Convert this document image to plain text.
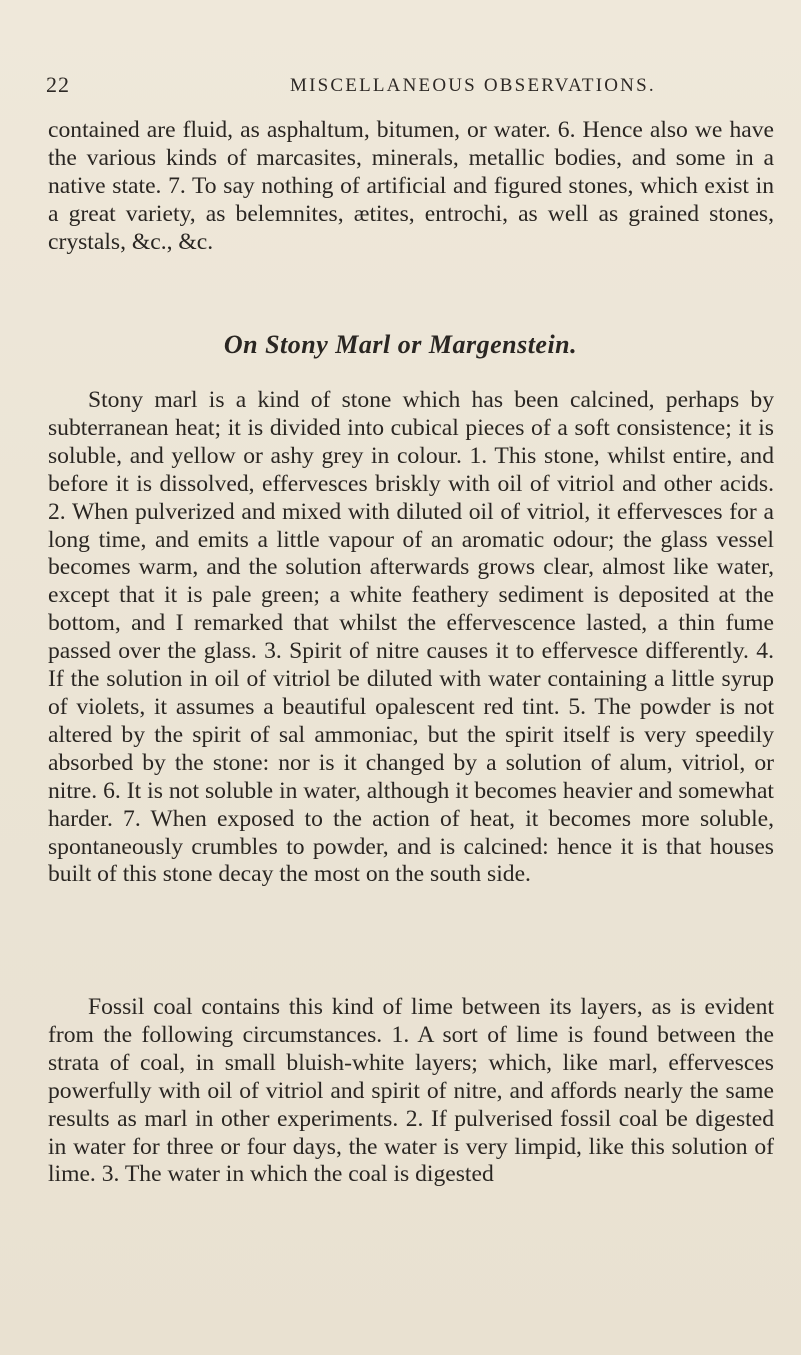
22	MISCELLANEOUS OBSERVATIONS.

contained are fluid, as asphaltum, bitumen, or water. 6. Hence also we have the various kinds of marcasites, minerals, metallic bodies, and some in a native state. 7. To say nothing of artificial and figured stones, which exist in a great variety, as belemnites, ætites, entrochi, as well as grained stones, crystals, &c., &c.

On Stony Marl or Margenstein.

Stony marl is a kind of stone which has been calcined, perhaps by subterranean heat; it is divided into cubical pieces of a soft consistence; it is soluble, and yellow or ashy grey in colour. 1. This stone, whilst entire, and before it is dissolved, effervesces briskly with oil of vitriol and other acids. 2. When pulverized and mixed with diluted oil of vitriol, it effervesces for a long time, and emits a little vapour of an aromatic odour; the glass vessel becomes warm, and the solution afterwards grows clear, almost like water, except that it is pale green; a white feathery sediment is deposited at the bottom, and I remarked that whilst the effervescence lasted, a thin fume passed over the glass. 3. Spirit of nitre causes it to effervesce differently. 4. If the solution in oil of vitriol be diluted with water containing a little syrup of violets, it assumes a beautiful opalescent red tint. 5. The powder is not altered by the spirit of sal ammoniac, but the spirit itself is very speedily absorbed by the stone: nor is it changed by a solution of alum, vitriol, or nitre. 6. It is not soluble in water, although it becomes heavier and somewhat harder. 7. When exposed to the action of heat, it becomes more soluble, spontaneously crumbles to powder, and is calcined: hence it is that houses built of this stone decay the most on the south side.

Fossil coal contains this kind of lime between its layers, as is evident from the following circumstances. 1. A sort of lime is found between the strata of coal, in small bluish-white layers; which, like marl, effervesces powerfully with oil of vitriol and spirit of nitre, and affords nearly the same results as marl in other experiments. 2. If pulverised fossil coal be digested in water for three or four days, the water is very limpid, like this solution of lime. 3. The water in which the coal is digested
